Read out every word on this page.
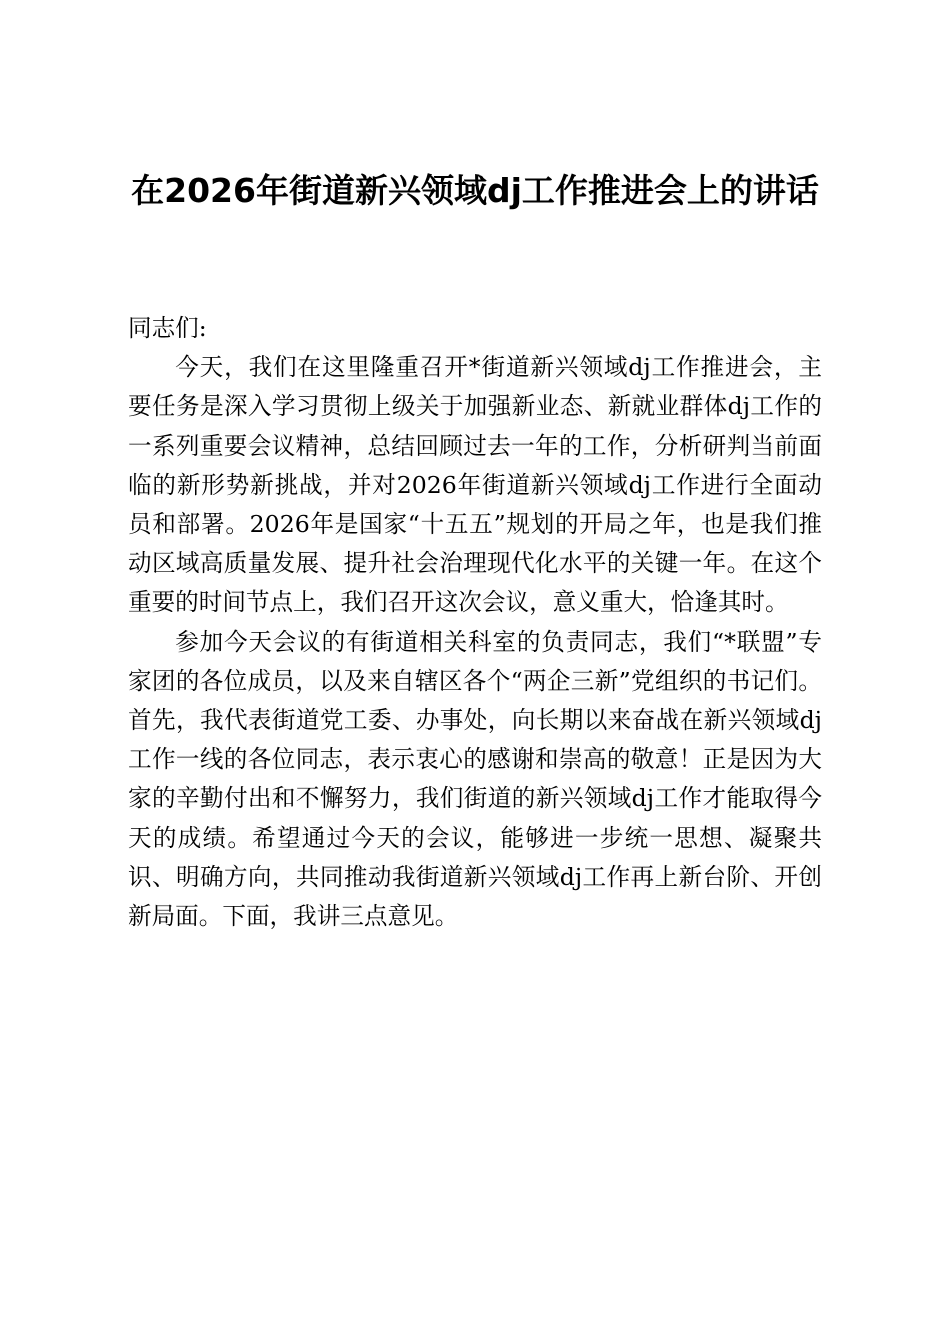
在2026年街道新兴领域dj工作推进会上的讲话

同志们:

今天，我们在这里隆重召开*街道新兴领域dj工作推进会，主要任务是深入学习贯彻上级关于加强新业态、新就业群体dj工作的一系列重要会议精神，总结回顾过去一年的工作，分析研判当前面临的新形势新挑战，并对2026年街道新兴领域dj工作进行全面动员和部署。2026年是国家“十五五”规划的开局之年，也是我们推动区域高质量发展、提升社会治理现代化水平的关键一年。在这个重要的时间节点上，我们召开这次会议，意义重大，恰逢其时。

参加今天会议的有街道相关科室的负责同志，我们“*联盟”专家团的各位成员，以及来自辖区各个“两企三新”党组织的书记们。首先，我代表街道党工委、办事处，向长期以来奋战在新兴领域dj工作一线的各位同志，表示衷心的感谢和崇高的敬意！正是因为大家的辛勤付出和不懈努力，我们街道的新兴领域dj工作才能取得今天的成绩。希望通过今天的会议，能够进一步统一思想、凝聚共识、明确方向，共同推动我街道新兴领域dj工作再上新台阶、开创新局面。下面，我讲三点意见。
